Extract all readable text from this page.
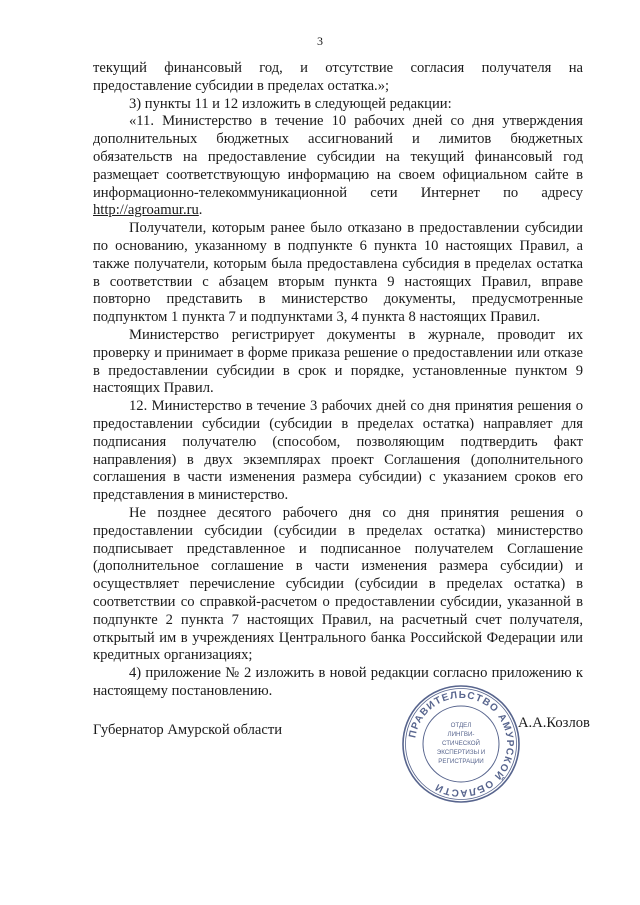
3

текущий финансовый год, и отсутствие согласия получателя на предоставление субсидии в пределах остатка.»;

3) пункты 11 и 12 изложить в следующей редакции:

«11. Министерство в течение 10 рабочих дней со дня утверждения дополнительных бюджетных ассигнований и лимитов бюджетных обязательств на предоставление субсидии на текущий финансовый год размещает соответствующую информацию на своем официальном сайте в информационно-телекоммуникационной сети Интернет по адресу http://agroamur.ru.

Получатели, которым ранее было отказано в предоставлении субсидии по основанию, указанному в подпункте 6 пункта 10 настоящих Правил, а также получатели, которым была предоставлена субсидия в пределах остатка в соответствии с абзацем вторым пункта 9 настоящих Правил, вправе повторно представить в министерство документы, предусмотренные подпунктом 1 пункта 7 и подпунктами 3, 4 пункта 8 настоящих Правил.

Министерство регистрирует документы в журнале, проводит их проверку и принимает в форме приказа решение о предоставлении или отказе в предоставлении субсидии в срок и порядке, установленные пунктом 9 настоящих Правил.

12. Министерство в течение 3 рабочих дней со дня принятия решения о предоставлении субсидии (субсидии в пределах остатка) направляет для подписания получателю (способом, позволяющим подтвердить факт направления) в двух экземплярах проект Соглашения (дополнительного соглашения в части изменения размера субсидии) с указанием сроков его представления в министерство.

Не позднее десятого рабочего дня со дня принятия решения о предоставлении субсидии (субсидии в пределах остатка) министерство подписывает представленное и подписанное получателем Соглашение (дополнительное соглашение в части изменения размера субсидии) и осуществляет перечисление субсидии (субсидии в пределах остатка) в соответствии со справкой-расчетом о предоставлении субсидии, указанной в подпункте 2 пункта 7 настоящих Правил, на расчетный счет получателя, открытый им в учреждениях Центрального банка Российской Федерации или кредитных организациях;

4) приложение № 2 изложить в новой редакции согласно приложению к настоящему постановлению.

Губернатор Амурской области	ПРАВИТЕЛЬСТВО АМУРСКОЙ ОБЛАСТИ
ОТДЕЛ
ЛИНГВИ-
СТИЧЕСКОЙ
ЭКСПЕРТИЗЫ И
РЕГИСТРАЦИИ
А.А.Козлов
